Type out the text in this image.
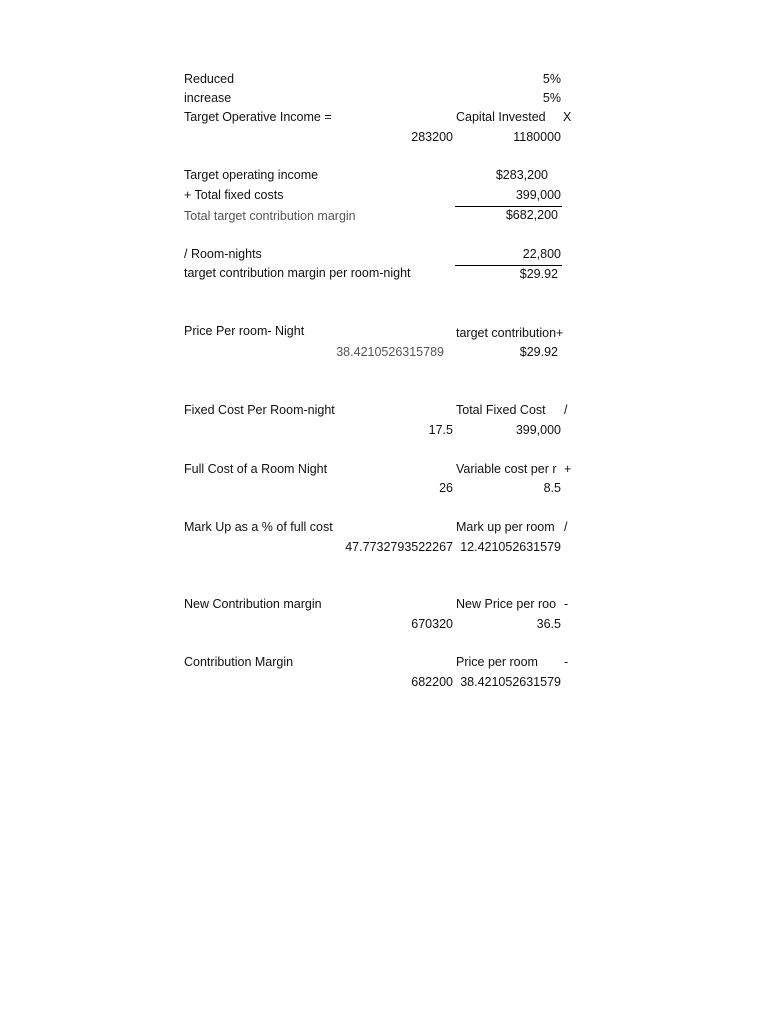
Reduced	5%
increase	5%
Target Operative Income =	Capital Invested X
283200	1180000
Target operating income	$283,200
+ Total fixed costs	399,000
Total target contribution margin	$682,200
/ Room-nights	22,800
target contribution margin per room-night	$29.92
Price Per room- Night	target contribution+
38.4210526315789	$29.92
Fixed Cost Per Room-night	Total Fixed Cost /
17.5	399,000
Full Cost of a Room Night	Variable cost per r +
26	8.5
Mark Up as a % of full cost	Mark up per room /
47.7732793522267 12.421052631579
New Contribution margin	New Price per roo -
670320	36.5
Contribution Margin	Price per room -
682200 38.421052631579
